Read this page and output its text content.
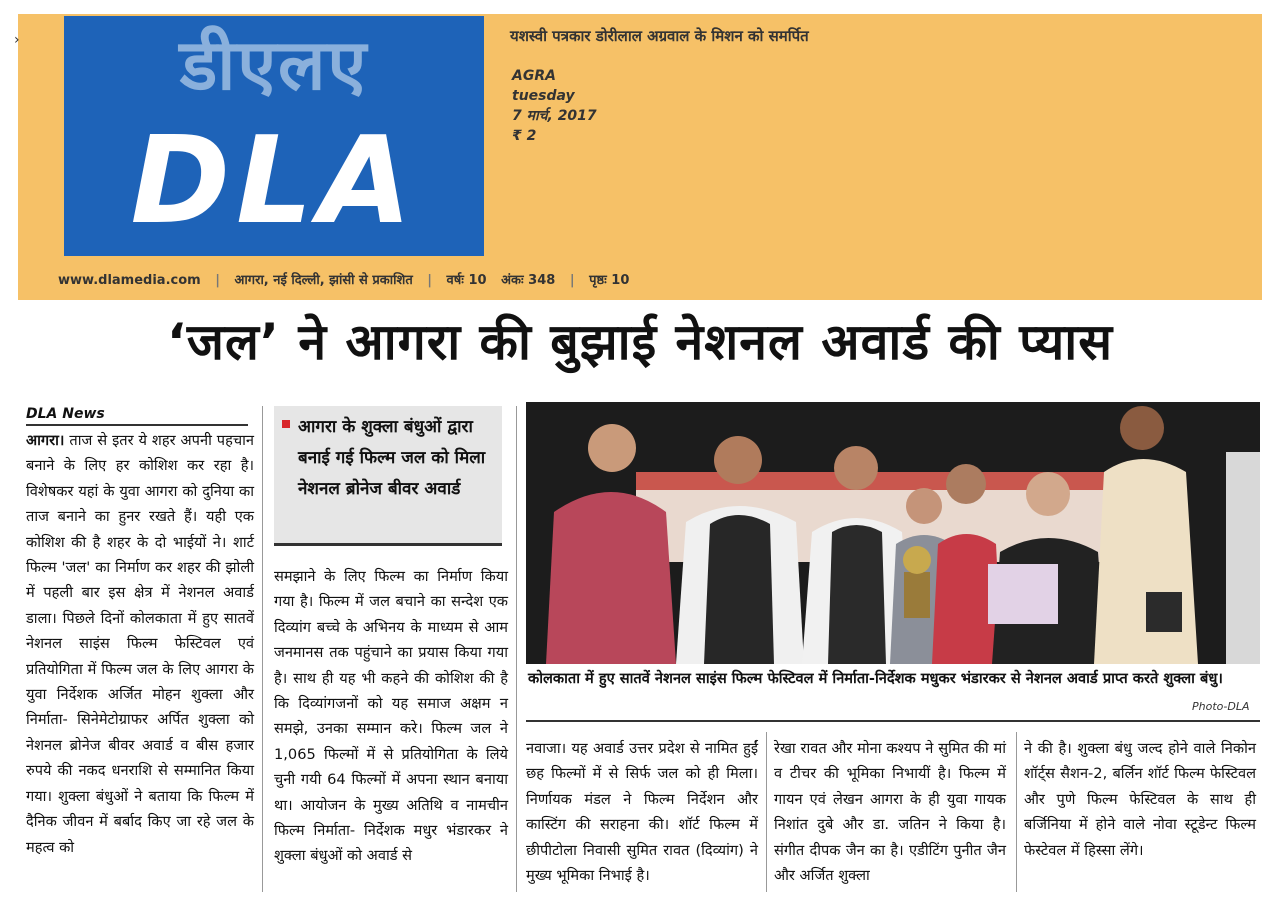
›	डीएलए
DLA
यशस्वी पत्रकार डोरीलाल अग्रवाल के मिशन को समर्पित
AGRA
tuesday
7 मार्च, 2017
₹ 2
www.dlamedia.com | आगरा, नई दिल्ली, झांसी से प्रकाशित | वर्षः 10 अंकः 348 | पृष्ठः 10
‘जल’ ने आगरा की बुझाई नेशनल अवार्ड की प्यास
DLA News

आगरा। ताज से इतर ये शहर अपनी पहचान बनाने के लिए हर कोशिश कर रहा है। विशेषकर यहां के युवा आगरा को दुनिया का ताज बनाने का हुनर रखते हैं। यही एक कोशिश की है शहर के दो भाईयों ने। शार्ट फिल्म 'जल' का निर्माण कर शहर की झोली में पहली बार इस क्षेत्र में नेशनल अवार्ड डाला। पिछले दिनों कोलकाता में हुए सातवें नेशनल साइंस फिल्म फेस्टिवल एवं प्रतियोगिता में फिल्म जल के लिए आगरा के युवा निर्देशक अर्जित मोहन शुक्ला और निर्माता- सिनेमेटोग्राफर अर्पित शुक्ला को नेशनल ब्रोनेज बीवर अवार्ड व बीस हजार रुपये की नकद धनराशि से सम्मानित किया गया। शुक्ला बंधुओं ने बताया कि फिल्म में दैनिक जीवन में बर्बाद किए जा रहे जल के महत्व को

आगरा के शुक्ला बंधुओं द्वारा बनाई गई फिल्म जल को मिला नेशनल ब्रोनेज बीवर अवार्ड

समझाने के लिए फिल्म का निर्माण किया गया है। फिल्म में जल बचाने का सन्देश एक दिव्यांग बच्चे के अभिनय के माध्यम से आम जनमानस तक पहुंचाने का प्रयास किया गया है। साथ ही यह भी कहने की कोशिश की है कि दिव्यांगजनों को यह समाज अक्षम न समझे, उनका सम्मान करे। फिल्म जल ने 1,065 फिल्मों में से प्रतियोगिता के लिये चुनी गयी 64 फिल्मों में अपना स्थान बनाया था। आयोजन के मुख्य अतिथि व नामचीन फिल्म निर्माता- निर्देशक मधुर भंडारकर ने शुक्ला बंधुओं को अवार्ड से

कोलकाता में हुए सातवें नेशनल साइंस फिल्म फेस्टिवल में निर्माता-निर्देशक मधुकर भंडारकर से नेशनल अवार्ड प्राप्त करते शुक्ला बंधु।
Photo-DLA

नवाजा। यह अवार्ड उत्तर प्रदेश से नामित हुईं छह फिल्मों में से सिर्फ जल को ही मिला। निर्णायक मंडल ने फिल्म निर्देशन और कास्टिंग की सराहना की। शॉर्ट फिल्म में छीपीटोला निवासी सुमित रावत (दिव्यांग) ने मुख्य भूमिका निभाई है।

रेखा रावत और मोना कश्यप ने सुमित की मां व टीचर की भूमिका निभायीं है। फिल्म में गायन एवं लेखन आगरा के ही युवा गायक निशांत दुबे और डा. जतिन ने किया है। संगीत दीपक जैन का है। एडीटिंग पुनीत जैन और अर्जित शुक्ला

ने की है। शुक्ला बंधु जल्द होने वाले निकोन शॉर्ट्स सैशन-2, बर्लिन शॉर्ट फिल्म फेस्टिवल और पुणे फिल्म फेस्टिवल के साथ ही बर्जिनिया में होने वाले नोवा स्टूडेन्ट फिल्म फेस्टेवल में हिस्सा लेंगे।
